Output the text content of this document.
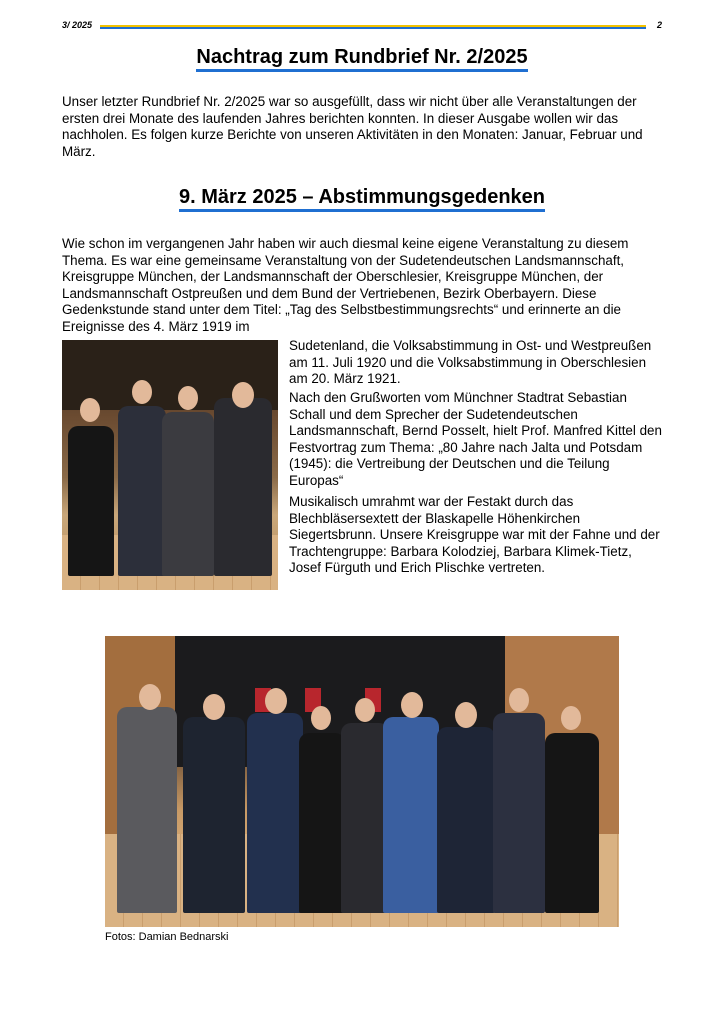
3/ 2025	2
Nachtrag zum Rundbrief Nr. 2/2025

Unser letzter Rundbrief Nr. 2/2025 war so ausgefüllt, dass wir nicht über alle Veranstaltungen der ersten drei Monate des laufenden Jahres berichten konnten. In dieser Ausgabe wollen wir das nachholen. Es folgen kurze Berichte von unseren Aktivitäten in den Monaten: Januar, Februar und März.

9. März 2025 – Abstimmungsgedenken

Wie schon im vergangenen Jahr haben wir auch diesmal keine eigene Veranstaltung zu diesem Thema. Es war eine gemeinsame Veranstaltung von der Sudetendeutschen Landsmannschaft, Kreisgruppe München, der Landsmannschaft der Oberschlesier, Kreisgruppe München, der Landsmannschaft Ostpreußen und dem Bund der Vertriebenen, Bezirk Oberbayern. Diese Gedenkstunde stand unter dem Titel: „Tag des Selbstbestimmungsrechts“ und erinnerte an die Ereignisse des 4. März 1919 im

Sudetenland, die Volksabstimmung in Ost- und Westpreußen am 11. Juli 1920 und die Volksabstimmung in Oberschlesien am 20. März 1921.

Nach den Grußworten vom Münchner Stadtrat Sebastian Schall und dem Sprecher der Sudetendeutschen Landsmannschaft, Bernd Posselt, hielt Prof. Manfred Kittel den Festvortrag zum Thema: „80 Jahre nach Jalta und Potsdam (1945): die Vertreibung der Deutschen und die Teilung Europas“

Musikalisch umrahmt war der Festakt durch das Blechbläsersextett der Blaskapelle Höhenkirchen Siegertsbrunn. Unsere Kreisgruppe war mit der Fahne und der Trachtengruppe: Barbara Kolodziej, Barbara Klimek-Tietz, Josef Fürguth und Erich Plischke vertreten.

Fotos: Damian Bednarski
